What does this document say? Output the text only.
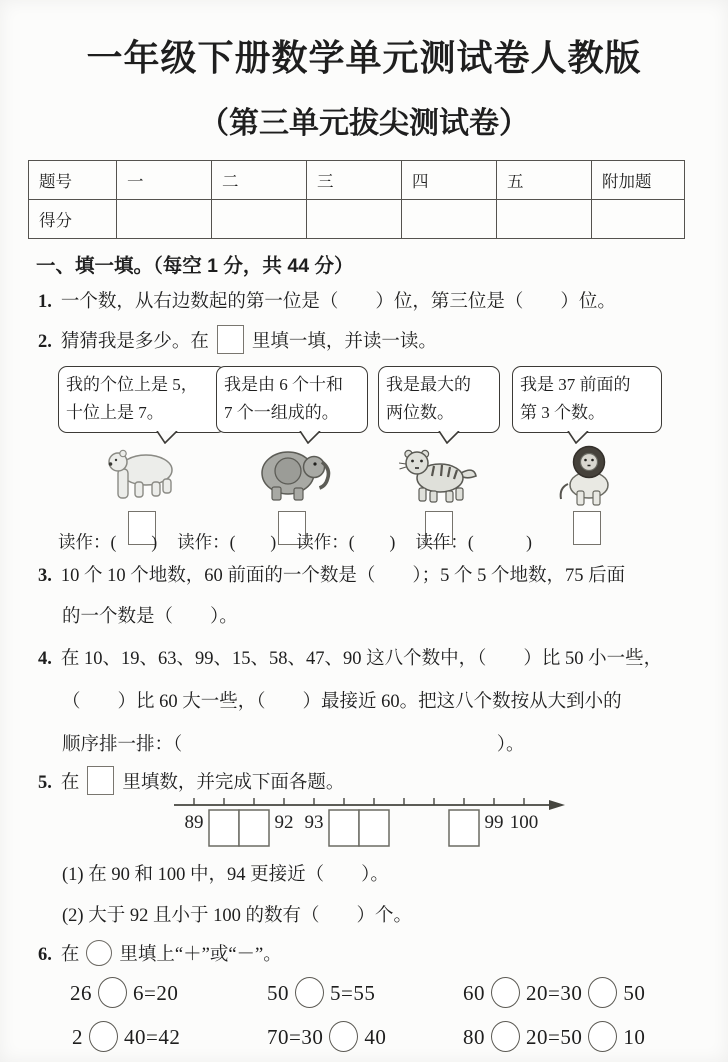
一年级下册数学单元测试卷人教版
（第三单元拔尖测试卷）
题号	一	二	三	四	五	附加题
得分						
一、填一填。（每空 1 分，共 44 分）
1. 一个数，从右边数起的第一位是（　　）位，第三位是（　　）位。
2. 猜猜我是多少。在 里填一填，并读一读。
我的个位上是 5，
十位上是 7。
我是由 6 个十和
7 个一组成的。
我是最大的
两位数。
我是 37 前面的
第 3 个数。
读作：(　　) 读作：(　　) 读作：(　　) 读作：(　　　)
3. 10 个 10 个地数，60 前面的一个数是（　　）；5 个 5 个地数，75 后面
的一个数是（　　）。
4. 在 10、19、63、99、15、58、47、90 这八个数中，（　　）比 50 小一些，
（　　）比 60 大一些，（　　）最接近 60。把这八个数按从大到小的
顺序排一排：（　　　　　　　　　　　　　　　　　）。
5. 在 里填数，并完成下面各题。
89	92 93	99 100
(1) 在 90 和 100 中，94 更接近（　　）。
(2) 大于 92 且小于 100 的数有（　　）个。
6. 在 里填上“＋”或“－”。
26 6=20	50 5=55	60 20=30 50
2 40=42	70=30 40	80 20=50 10
